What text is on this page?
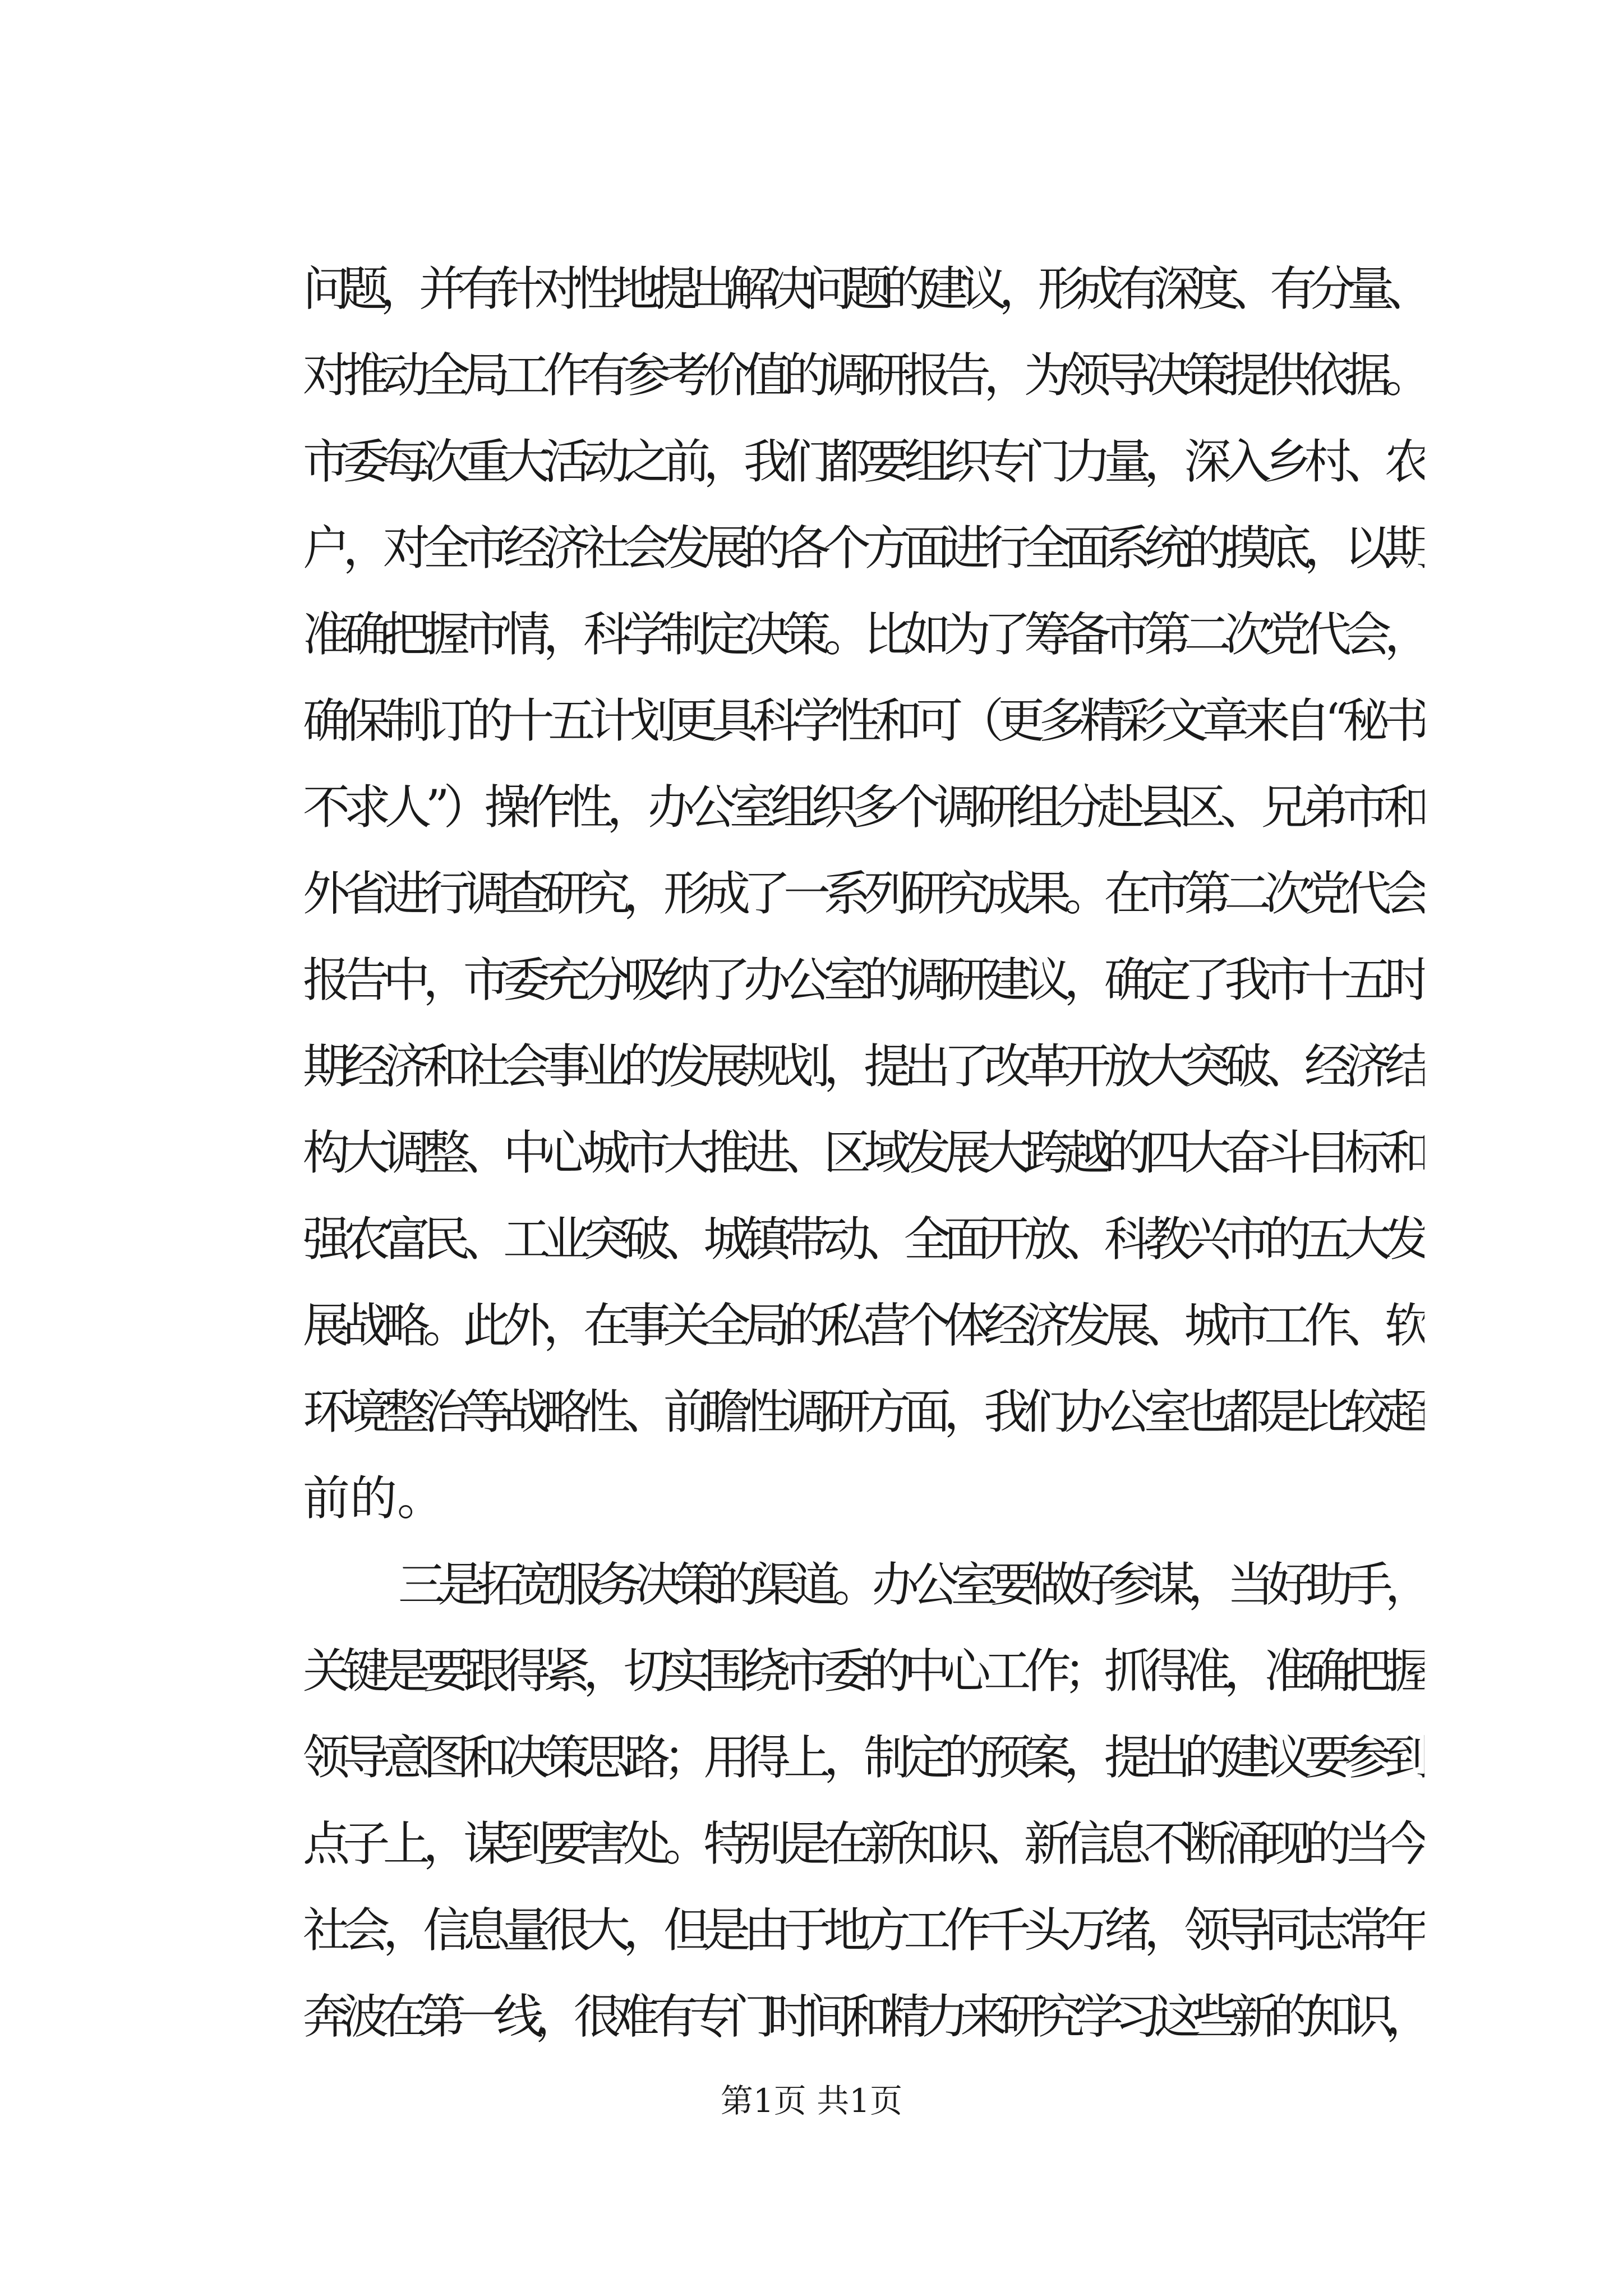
问题，并有针对性地提出解决问题的建议，形成有深度、有分量、
对推动全局工作有参考价值的调研报告，为领导决策提供依据。
市委每次重大活动之前，我们都要组织专门力量，深入乡村、农
户，对全市经济社会发展的各个方面进行全面系统的摸底，以期
准确把握市情，科学制定决策。比如为了筹备市第二次党代会，
确保制订的十五计划更具科学性和可（更多精彩文章来自“秘书
不求人”）操作性，办公室组织多个调研组分赴县区、兄弟市和
外省进行调查研究，形成了一系列研究成果。在市第二次党代会
报告中，市委充分吸纳了办公室的调研建议，确定了我市十五时
期经济和社会事业的发展规划，提出了改革开放大突破、经济结
构大调整、中心城市大推进、区域发展大跨越的四大奋斗目标和
强农富民、工业突破、城镇带动、全面开放、科教兴市的五大发
展战略。此外，在事关全局的私营个体经济发展、城市工作、软
环境整治等战略性、前瞻性调研方面，我们办公室也都是比较超
前的。
三是拓宽服务决策的渠道。办公室要做好参谋，当好助手，
关键是要跟得紧，切实围绕市委的中心工作；抓得准，准确把握
领导意图和决策思路；用得上，制定的预案，提出的建议要参到
点子上，谋到要害处。特别是在新知识、新信息不断涌现的当今
社会，信息量很大，但是由于地方工作千头万绪，领导同志常年
奔波在第一线，很难有专门时间和精力来研究学习这些新的知识，
第1页 共1页
